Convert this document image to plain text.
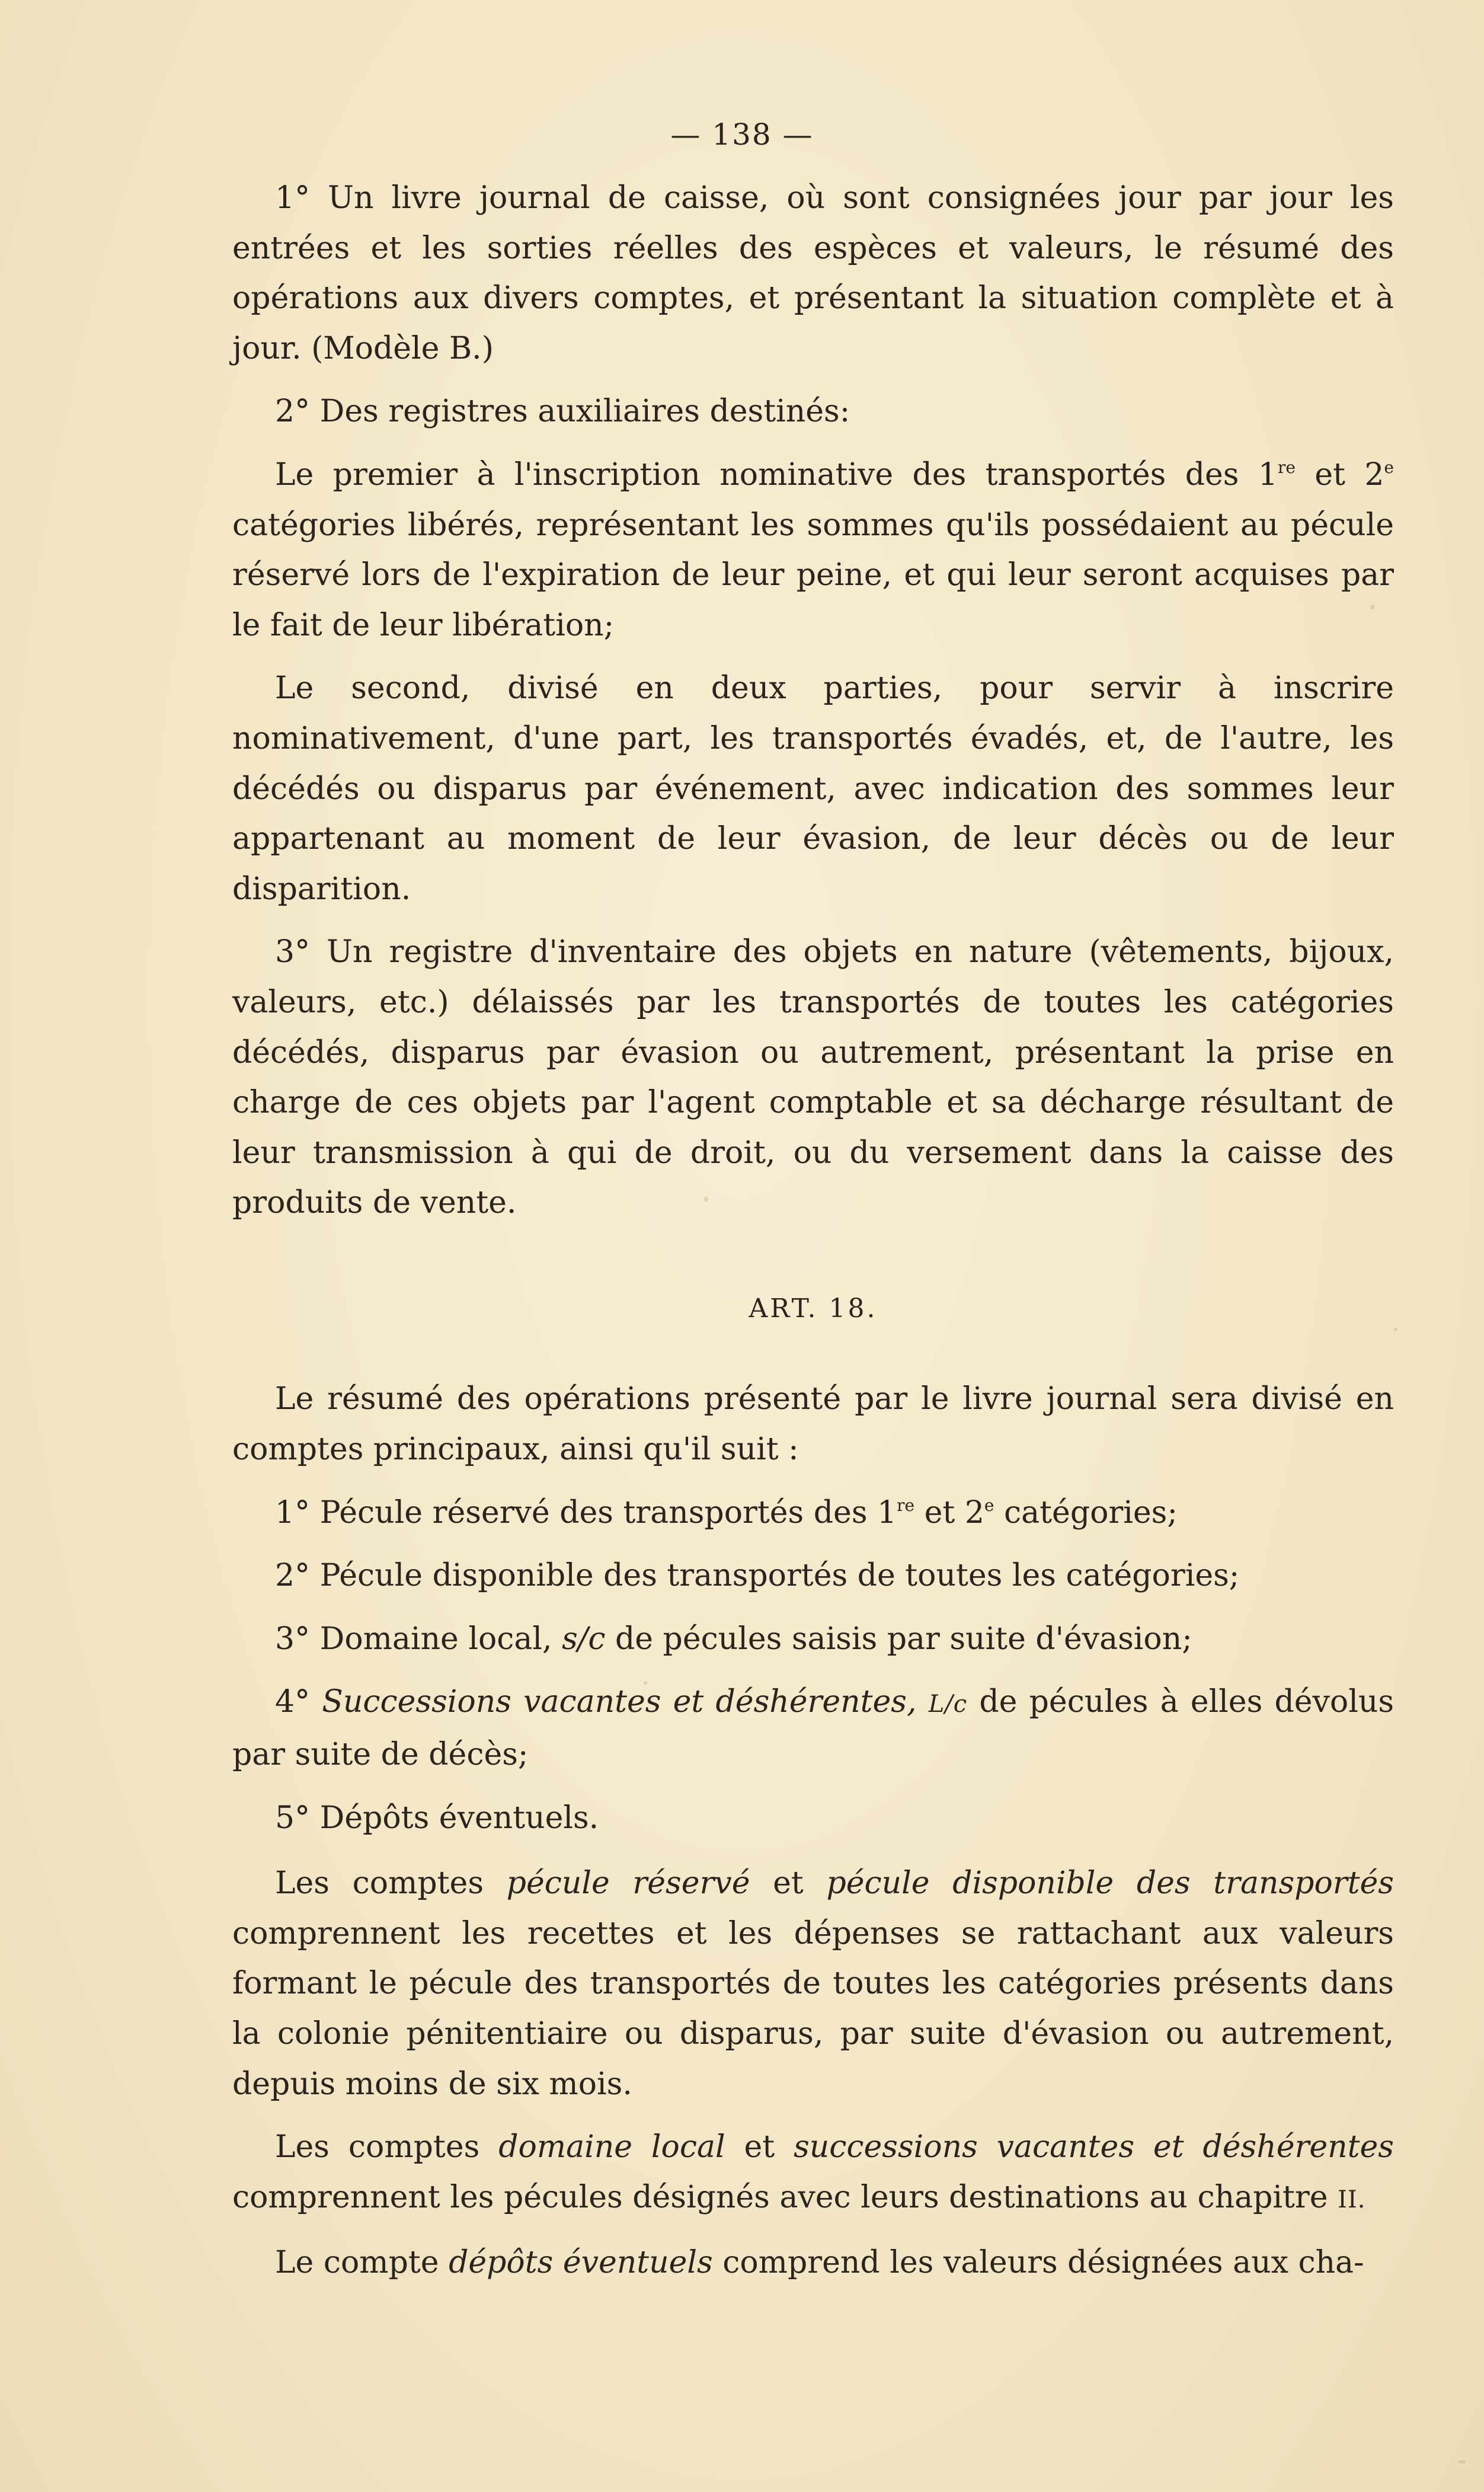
— 138 —

1° Un livre journal de caisse, où sont consignées jour par jour les entrées et les sorties réelles des espèces et valeurs, le résumé des opérations aux divers comptes, et présentant la situation complète et à jour. (Modèle B.)

2° Des registres auxiliaires destinés:

Le premier à l'inscription nominative des transportés des 1re et 2e catégories libérés, représentant les sommes qu'ils possédaient au pécule réservé lors de l'expiration de leur peine, et qui leur seront acquises par le fait de leur libération;

Le second, divisé en deux parties, pour servir à inscrire nominativement, d'une part, les transportés évadés, et, de l'autre, les décédés ou disparus par événement, avec indication des sommes leur appartenant au moment de leur évasion, de leur décès ou de leur disparition.

3° Un registre d'inventaire des objets en nature (vêtements, bijoux, valeurs, etc.) délaissés par les transportés de toutes les catégories décédés, disparus par évasion ou autrement, présentant la prise en charge de ces objets par l'agent comptable et sa décharge résultant de leur transmission à qui de droit, ou du versement dans la caisse des produits de vente.

ART. 18.

Le résumé des opérations présenté par le livre journal sera divisé en comptes principaux, ainsi qu'il suit :

1° Pécule réservé des transportés des 1re et 2e catégories;

2° Pécule disponible des transportés de toutes les catégories;

3° Domaine local, s/c de pécules saisis par suite d'évasion;

4° Successions vacantes et déshérentes, L/c de pécules à elles dévolus par suite de décès;

5° Dépôts éventuels.

Les comptes pécule réservé et pécule disponible des transportés comprennent les recettes et les dépenses se rattachant aux valeurs formant le pécule des transportés de toutes les catégories présents dans la colonie pénitentiaire ou disparus, par suite d'évasion ou autrement, depuis moins de six mois.

Les comptes domaine local et successions vacantes et déshérentes comprennent les pécules désignés avec leurs destinations au chapitre II.

Le compte dépôts éventuels comprend les valeurs désignées aux cha-
